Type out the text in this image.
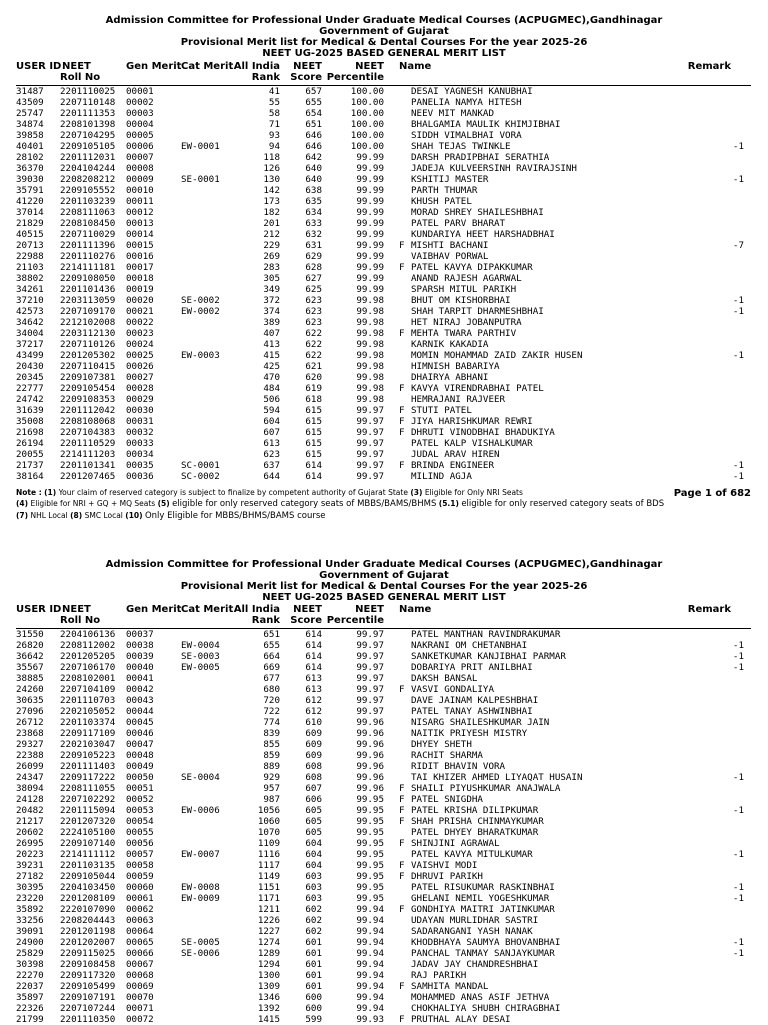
Admission Committee for Professional Under Graduate Medical Courses (ACPUGMEC),Gandhinagar
Government of Gujarat
Provisional Merit list for Medical & Dental Courses For the year 2025-26
NEET UG-2025 BASED GENERAL MERIT LIST
USER ID NEET
Roll No
Gen Merit Cat Merit All India
Rank
NEET
Score
NEET
Percentile
Name	Remark
31487 2201110025 00001	41	657	100.00	DESAI YAGNESH KANUBHAI
43509 2207110148 00002	55	655	100.00	PANELIA NAMYA HITESH
25747 2201111353 00003	58	654	100.00	NEEV MIT MANKAD
34874 2208101398 00004	71	651	100.00	BHALGAMIA MAULIK KHIMJIBHAI
39858 2207104295 00005	93	646	100.00	SIDDH VIMALBHAI VORA
40401 2209105105 00006	EW-0001	94	646	100.00	SHAH TEJAS TWINKLE	-1
28102 2201112031 00007	118	642	99.99	DARSH PRADIPBHAI SERATHIA
36370 2204104244 00008	126	640	99.99	JADEJA KULVEERSINH RAVIRAJSINH
39030 2208208212 00009	SE-0001	130	640	99.99	KSHITIJ MASTER	-1
35791 2209105552 00010	142	638	99.99	PARTH THUMAR
41220 2201103239 00011	173	635	99.99	KHUSH PATEL
37014 2208111063 00012	182	634	99.99	MORAD SHREY SHAILESHBHAI
21829 2208108450 00013	201	633	99.99	PATEL PARV BHARAT
40515 2207110029 00014	212	632	99.99	KUNDARIYA HEET HARSHADBHAI
20713 2201111396 00015	229	631	99.99 F MISHTI BACHANI	-7
22988 2201110276 00016	269	629	99.99	VAIBHAV PORWAL
21103 2214111181 00017	283	628	99.99 F PATEL KAVYA DIPAKKUMAR
38802 2209108050 00018	305	627	99.99	ANAND RAJESH AGARWAL
34261 2201101436 00019	349	625	99.99	SPARSH MITUL PARIKH
37210 2203113059 00020	SE-0002	372	623	99.98	BHUT OM KISHORBHAI	-1
42573 2207109170 00021	EW-0002	374	623	99.98	SHAH TARPIT DHARMESHBHAI	-1
34642 2212102008 00022	389	623	99.98	HET NIRAJ JOBANPUTRA
34004 2203112130 00023	407	622	99.98 F MEHTA TWARA PARTHIV
37217 2207110126 00024	413	622	99.98	KARNIK KAKADIA
43499 2201205302 00025	EW-0003	415	622	99.98	MOMIN MOHAMMAD ZAID ZAKIR HUSEN	-1
20430 2207110415 00026	425	621	99.98	HIMNISH BABARIYA
20345 2209107381 00027	470	620	99.98	DHAIRYA ABHANI
22777 2209105454 00028	484	619	99.98 F KAVYA VIRENDRABHAI PATEL
24742 2209108353 00029	506	618	99.98	HEMRAJANI RAJVEER
31639 2201112042 00030	594	615	99.97 F STUTI PATEL
35008 2208108068 00031	604	615	99.97 F JIYA HARISHKUMAR REWRI
21698 2207104383 00032	607	615	99.97 F DHRUTI VINODBHAI BHADUKIYA
26194 2201110529 00033	613	615	99.97	PATEL KALP VISHALKUMAR
20055 2214111203 00034	623	615	99.97	JUDAL ARAV HIREN
21737 2201101341 00035	SC-0001	637	614	99.97 F BRINDA ENGINEER	-1
38164 2201207465 00036	SC-0002	644	614	99.97	MILIND AGJA	-1
Note : (1) Your claim of reserved category is subject to finalize by competent authority of Gujarat State (3) Eligible for Only NRI Seats
(4) Eligible for NRI + GQ + MQ Seats (5) eligible for only reserved category seats of MBBS/BAMS/BHMS (5.1) eligible for only reserved category seats of BDS
(7) NHL Local (8) SMC Local (10) Only Eligible for MBBS/BHMS/BAMS course
Page 1 of 682
Admission Committee for Professional Under Graduate Medical Courses (ACPUGMEC),Gandhinagar
Government of Gujarat
Provisional Merit list for Medical & Dental Courses For the year 2025-26
NEET UG-2025 BASED GENERAL MERIT LIST
USER ID NEET
Roll No
Gen Merit Cat Merit All India
Rank
NEET
Score
NEET
Percentile
Name	Remark
31550 2204106136 00037	651	614	99.97	PATEL MANTHAN RAVINDRAKUMAR
26820 2208112002 00038	EW-0004	655	614	99.97	NAKRANI OM CHETANBHAI	-1
36642 2201205205 00039	SE-0003	664	614	99.97	SANKETKUMAR KANJIBHAI PARMAR	-1
35567 2207106170 00040	EW-0005	669	614	99.97	DOBARIYA PRIT ANILBHAI	-1
38885 2208102001 00041	677	613	99.97	DAKSH BANSAL
24260 2207104109 00042	680	613	99.97 F VASVI GONDALIYA
30635 2201110703 00043	720	612	99.97	DAVE JAINAM KALPESHBHAI
27096 2202105052 00044	722	612	99.97	PATEL TANAY ASHWINBHAI
26712 2201103374 00045	774	610	99.96	NISARG SHAILESHKUMAR JAIN
23868 2209117109 00046	839	609	99.96	NAITIK PRIYESH MISTRY
29327 2202103047 00047	855	609	99.96	DHYEY SHETH
22388 2209105223 00048	859	609	99.96	RACHIT SHARMA
26099 2201111403 00049	889	608	99.96	RIDIT BHAVIN VORA
24347 2209117222 00050	SE-0004	929	608	99.96	TAI KHIZER AHMED LIYAQAT HUSAIN	-1
38094 2208111055 00051	957	607	99.96 F SHAILI PIYUSHKUMAR ANAJWALA
24128 2207102292 00052	987	606	99.95 F PATEL SNIGDHA
20482 2201115094 00053	EW-0006	1056	605	99.95 F PATEL KRISHA DILIPKUMAR	-1
21217 2201207320 00054	1060	605	99.95 F SHAH PRISHA CHINMAYKUMAR
20602 2224105100 00055	1070	605	99.95	PATEL DHYEY BHARATKUMAR
26995 2209107140 00056	1109	604	99.95 F SHINJINI AGRAWAL
20223 2214111112 00057	EW-0007	1116	604	99.95	PATEL KAVYA MITULKUMAR	-1
39231 2201103135 00058	1117	604	99.95 F VAISHVI MODI
27182 2209105044 00059	1149	603	99.95 F DHRUVI PARIKH
30395 2204103450 00060	EW-0008	1151	603	99.95	PATEL RISUKUMAR RASKINBHAI	-1
23220 2201208109 00061	EW-0009	1171	603	99.95	GHELANI NEMIL YOGESHKUMAR	-1
35892 2220107090 00062	1211	602	99.94 F GONDHIYA MAITRI JATINKUMAR
33256 2208204443 00063	1226	602	99.94	UDAYAN MURLIDHAR SASTRI
39091 2201201198 00064	1227	602	99.94	SADARANGANI YASH NANAK
24900 2201202007 00065	SE-0005	1274	601	99.94	KHODBHAYA SAUMYA BHOVANBHAI	-1
25829 2209115025 00066	SE-0006	1289	601	99.94	PANCHAL TANMAY SANJAYKUMAR	-1
30398 2209108458 00067	1294	601	99.94	JADAV JAY CHANDRESHBHAI
22270 2209117320 00068	1300	601	99.94	RAJ PARIKH
22037 2209105499 00069	1309	601	99.94 F SAMHITA MANDAL
35897 2209107191 00070	1346	600	99.94	MOHAMMED ANAS ASIF JETHVA
22326 2207107244 00071	1392	600	99.94	CHOKHALIYA SHUBH CHIRAGBHAI
21799 2201110350 00072	1415	599	99.93 F PRUTHAL ALAY DESAI
